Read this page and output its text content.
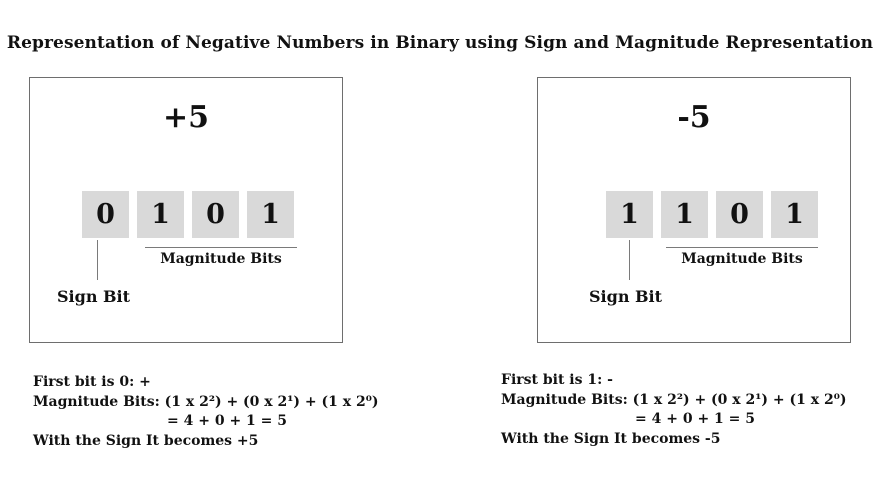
Representation of Negative Numbers in Binary using Sign and Magnitude Representation
+5
0	1	0	1
Magnitude Bits
Sign Bit
-5
1	1	0	1
Magnitude Bits
Sign Bit
First bit is 0: +
Magnitude Bits: (1 x 2²) + (0 x 2¹) + (1 x 2⁰)
= 4 + 0 + 1 = 5
With the Sign It becomes +5
First bit is 1: -
Magnitude Bits: (1 x 2²) + (0 x 2¹) + (1 x 2⁰)
= 4 + 0 + 1 = 5
With the Sign It becomes -5
